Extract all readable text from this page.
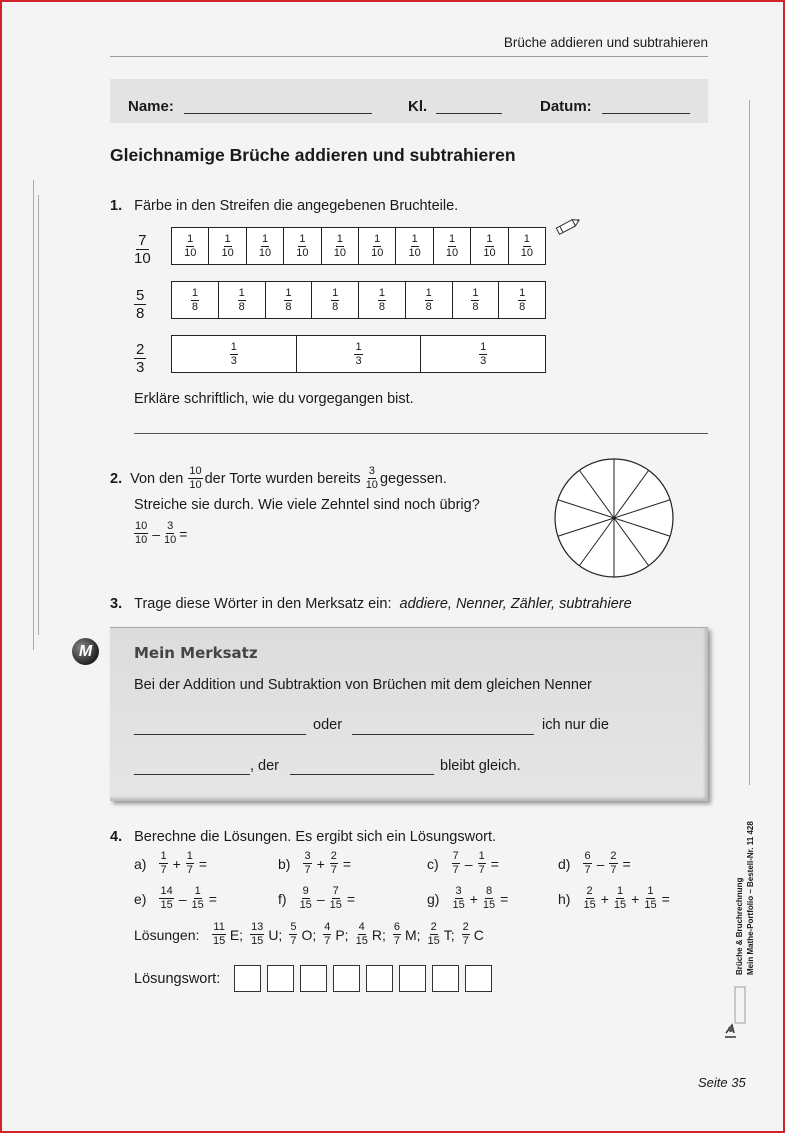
Brüche addieren und subtrahieren
Name:	Kl.	Datum:
Gleichnamige Brüche addieren und subtrahieren
1. Färbe in den Streifen die angegebenen Bruchteile.
$\frac{7}{10}$
$\frac{5}{8}$
$\frac{2}{3}$
$\frac{1}{10} \frac{1}{10} \frac{1}{10} \frac{1}{10} \frac{1}{10} \frac{1}{10} \frac{1}{10} \frac{1}{10} \frac{1}{10} \frac{1}{10}$
$\frac{1}{8}$	$\frac{1}{8}$	$\frac{1}{8}$	$\frac{1}{8}$	$\frac{1}{8}$	$\frac{1}{8}$	$\frac{1}{8}$	$\frac{1}{8}$
$\frac{1}{3}$	$\frac{1}{3}$	$\frac{1}{3}$
Erkläre schriftlich, wie du vorgegangen bist.
2. Von den $\frac{10}{10}$ der Torte wurden bereits $\frac{3}{10}$ gegessen.
Streiche sie durch. Wie viele Zehntel sind noch übrig?
$\frac{10}{10} - \frac{3}{10}$ =
3. Trage diese Wörter in den Merksatz ein: addiere, Nenner, Zähler, subtrahiere
M	Mein Merksatz
Bei der Addition und Subtraktion von Brüchen mit dem gleichen Nenner
oder	ich nur die
, der	bleibt gleich.
4. Berechne die Lösungen. Es ergibt sich ein Lösungswort.
$a) \frac{1}{7} + \frac{1}{7}$ =	$b) \frac{3}{7} + \frac{2}{7}$ =	$c) \frac{7}{7} - \frac{1}{7}$ =	$d) \frac{6}{7} - \frac{2}{7}$ =
$e) \frac{14}{15} - \frac{1}{15}$ =	$f) \frac{9}{15} - \frac{7}{15}$ =	$g) \frac{3}{15} + \frac{8}{15}$ =	$h) \frac{2}{15} + \frac{1}{15} + \frac{1}{15}$ =
Lösungen: $\frac{11}{15} E$; $\frac{13}{15} U$; $\frac{5}{7} O$; $\frac{4}{7} P$; $\frac{4}{15} R$; $\frac{6}{7} M$; $\frac{2}{15} T$; $\frac{2}{7}$ C
Lösungswort:
Brüche & Bruchrechnung Mein Mathe-Portfolio – Bestell-Nr. 11 428
Seite 35
